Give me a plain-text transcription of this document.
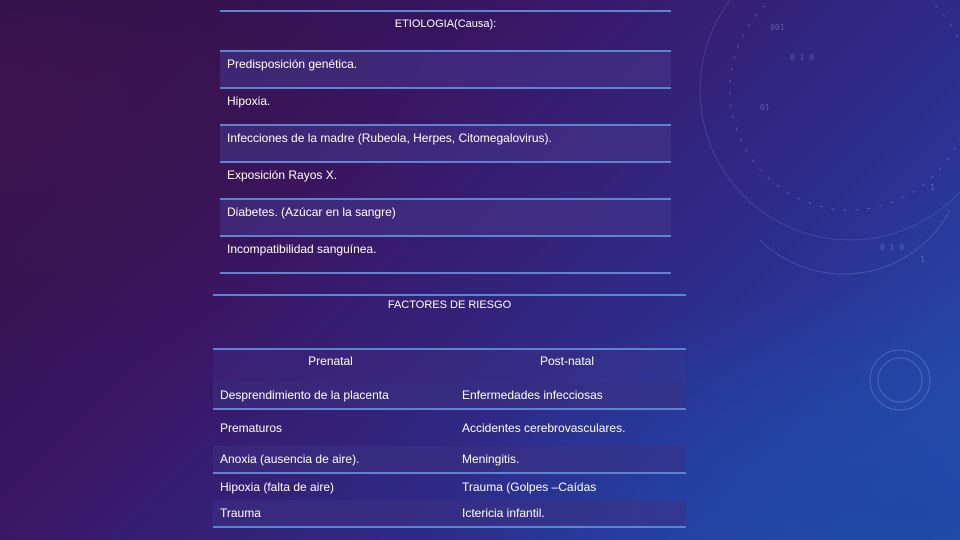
001
0 1 0
01
0 1 0
1
1
ETIOLOGIA(Causa):
Predisposición genética.
Hipoxia.
Infecciones de la madre (Rubeola, Herpes, Citomegalovirus).
Exposición Rayos X.
Diabetes. (Azúcar en la sangre)
Incompatibilidad sanguínea.
FACTORES DE RIESGO
Prenatal	Post-natal
Desprendimiento de la placenta	Enfermedades infecciosas
Prematuros	Accidentes cerebrovasculares.
Anoxia (ausencia de aire).	Meningitis.
Hipoxia (falta de aire)	Trauma (Golpes –Caídas
Trauma	Ictericia infantil.
